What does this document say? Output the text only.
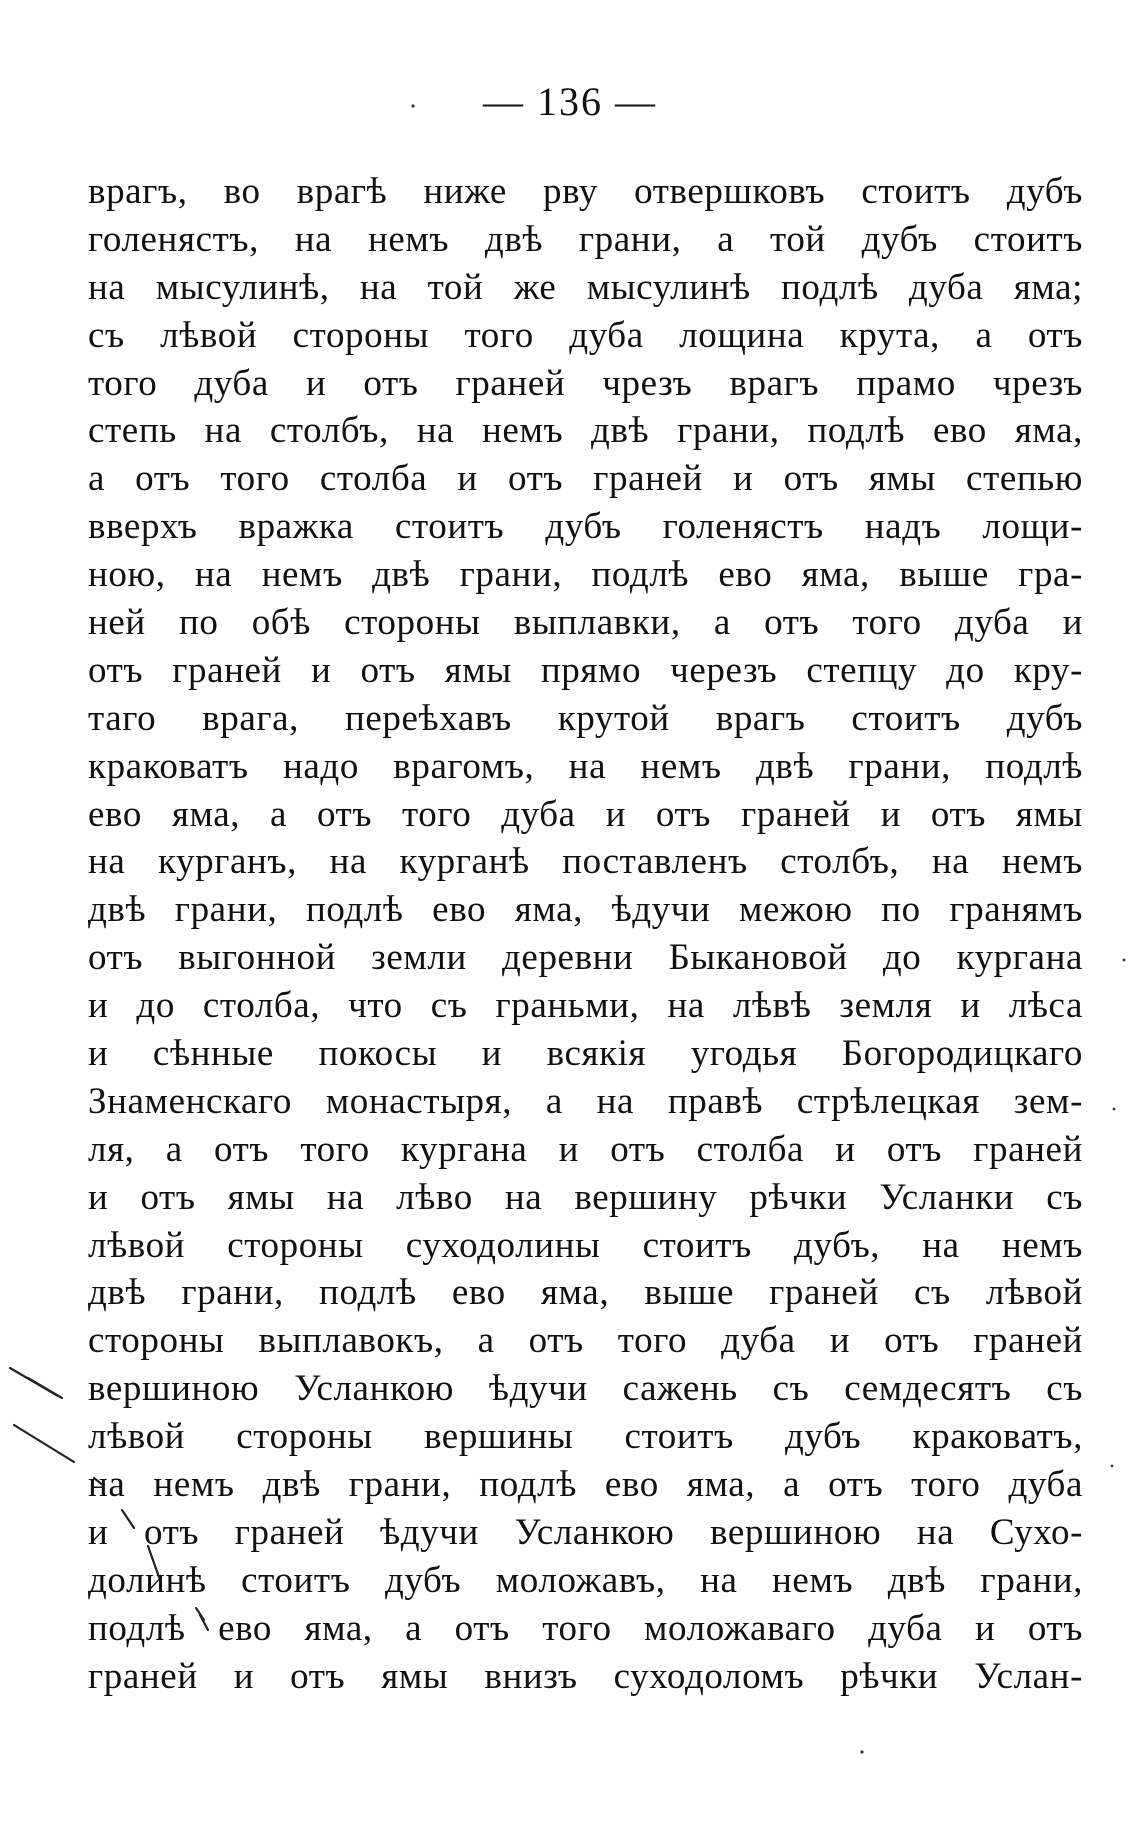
— 136 —
врагъ, во врагѣ ниже рву отвершковъ стоитъ дубъ
голенястъ, на немъ двѣ грани, а той дубъ стоитъ
на мысулинѣ, на той же мысулинѣ подлѣ дуба яма;
съ лѣвой стороны того дуба лощина крута, а отъ
того дуба и отъ граней чрезъ врагъ прамо чрезъ
степь на столбъ, на немъ двѣ грани, подлѣ ево яма,
а отъ того столба и отъ граней и отъ ямы степью
вверхъ вражка стоитъ дубъ голенястъ надъ лощи-
ною, на немъ двѣ грани, подлѣ ево яма, выше гра-
ней по обѣ стороны выплавки, а отъ того дуба и
отъ граней и отъ ямы прямо черезъ степцу до кру-
таго врага, переѣхавъ крутой врагъ стоитъ дубъ
краковатъ надо врагомъ, на немъ двѣ грани, подлѣ
ево яма, а отъ того дуба и отъ граней и отъ ямы
на курганъ, на курганѣ поставленъ столбъ, на немъ
двѣ грани, подлѣ ево яма, ѣдучи межою по гранямъ
отъ выгонной земли деревни Быкановой до кургана
и до столба, что съ граньми, на лѣвѣ земля и лѣса
и сѣнные покосы и всякія угодья Богородицкаго
Знаменскаго монастыря, а на правѣ стрѣлецкая зем-
ля, а отъ того кургана и отъ столба и отъ граней
и отъ ямы на лѣво на вершину рѣчки Усланки съ
лѣвой стороны суходолины стоитъ дубъ, на немъ
двѣ грани, подлѣ ево яма, выше граней съ лѣвой
стороны выплавокъ, а отъ того дуба и отъ граней
вершиною Усланкою ѣдучи сажень съ семдесятъ съ
лѣвой стороны вершины стоитъ дубъ краковатъ,
на немъ двѣ грани, подлѣ ево яма, а отъ того дуба
и отъ граней ѣдучи Усланкою вершиною на Сухо-
долинѣ стоитъ дубъ моложавъ, на немъ двѣ грани,
подлѣ ево яма, а отъ того моложаваго дуба и отъ
граней и отъ ямы внизъ суходоломъ рѣчки Услан-
